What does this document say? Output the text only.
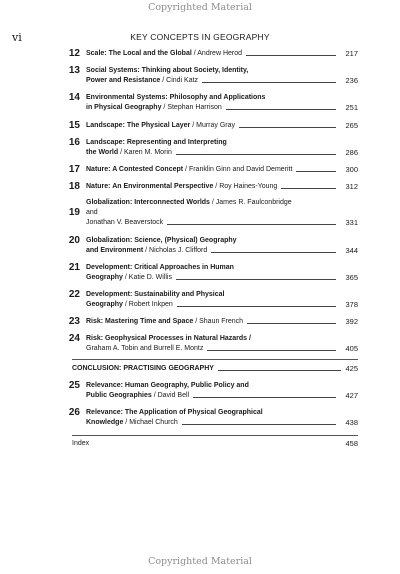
Copyrighted Material
vi	KEY CONCEPTS IN GEOGRAPHY
12 Scale: The Local and the Global / Andrew Herod	217
13 Social Systems: Thinking about Society, Identity,
Power and Resistance / Cindi Katz	236
14 Environmental Systems: Philosophy and Applications
in Physical Geography / Stephan Harrison	251
15 Landscape: The Physical Layer / Murray Gray	265
16 Landscape: Representing and Interpreting
the World / Karen M. Morin	286
17 Nature: A Contested Concept / Franklin Ginn and David Demeritt	300
18 Nature: An Environmental Perspective / Roy Haines-Young	312
19
Globalization: Interconnected Worlds / James R. Faulconbridge and
Jonathan V. Beaverstock	331
20 Globalization: Science, (Physical) Geography
and Environment / Nicholas J. Clifford	344
21 Development: Critical Approaches in Human
Geography / Katie D. Willis	365
22 Development: Sustainability and Physical
Geography / Robert Inkpen	378
23 Risk: Mastering Time and Space / Shaun French	392
24 Risk: Geophysical Processes in Natural Hazards /
Graham A. Tobin and Burrell E. Montz	405
CONCLUSION: PRACTISING GEOGRAPHY	425
25 Relevance: Human Geography, Public Policy and
Public Geographies / David Bell	427
26 Relevance: The Application of Physical Geographical
Knowledge / Michael Church	438
Index	458
Copyrighted Material
